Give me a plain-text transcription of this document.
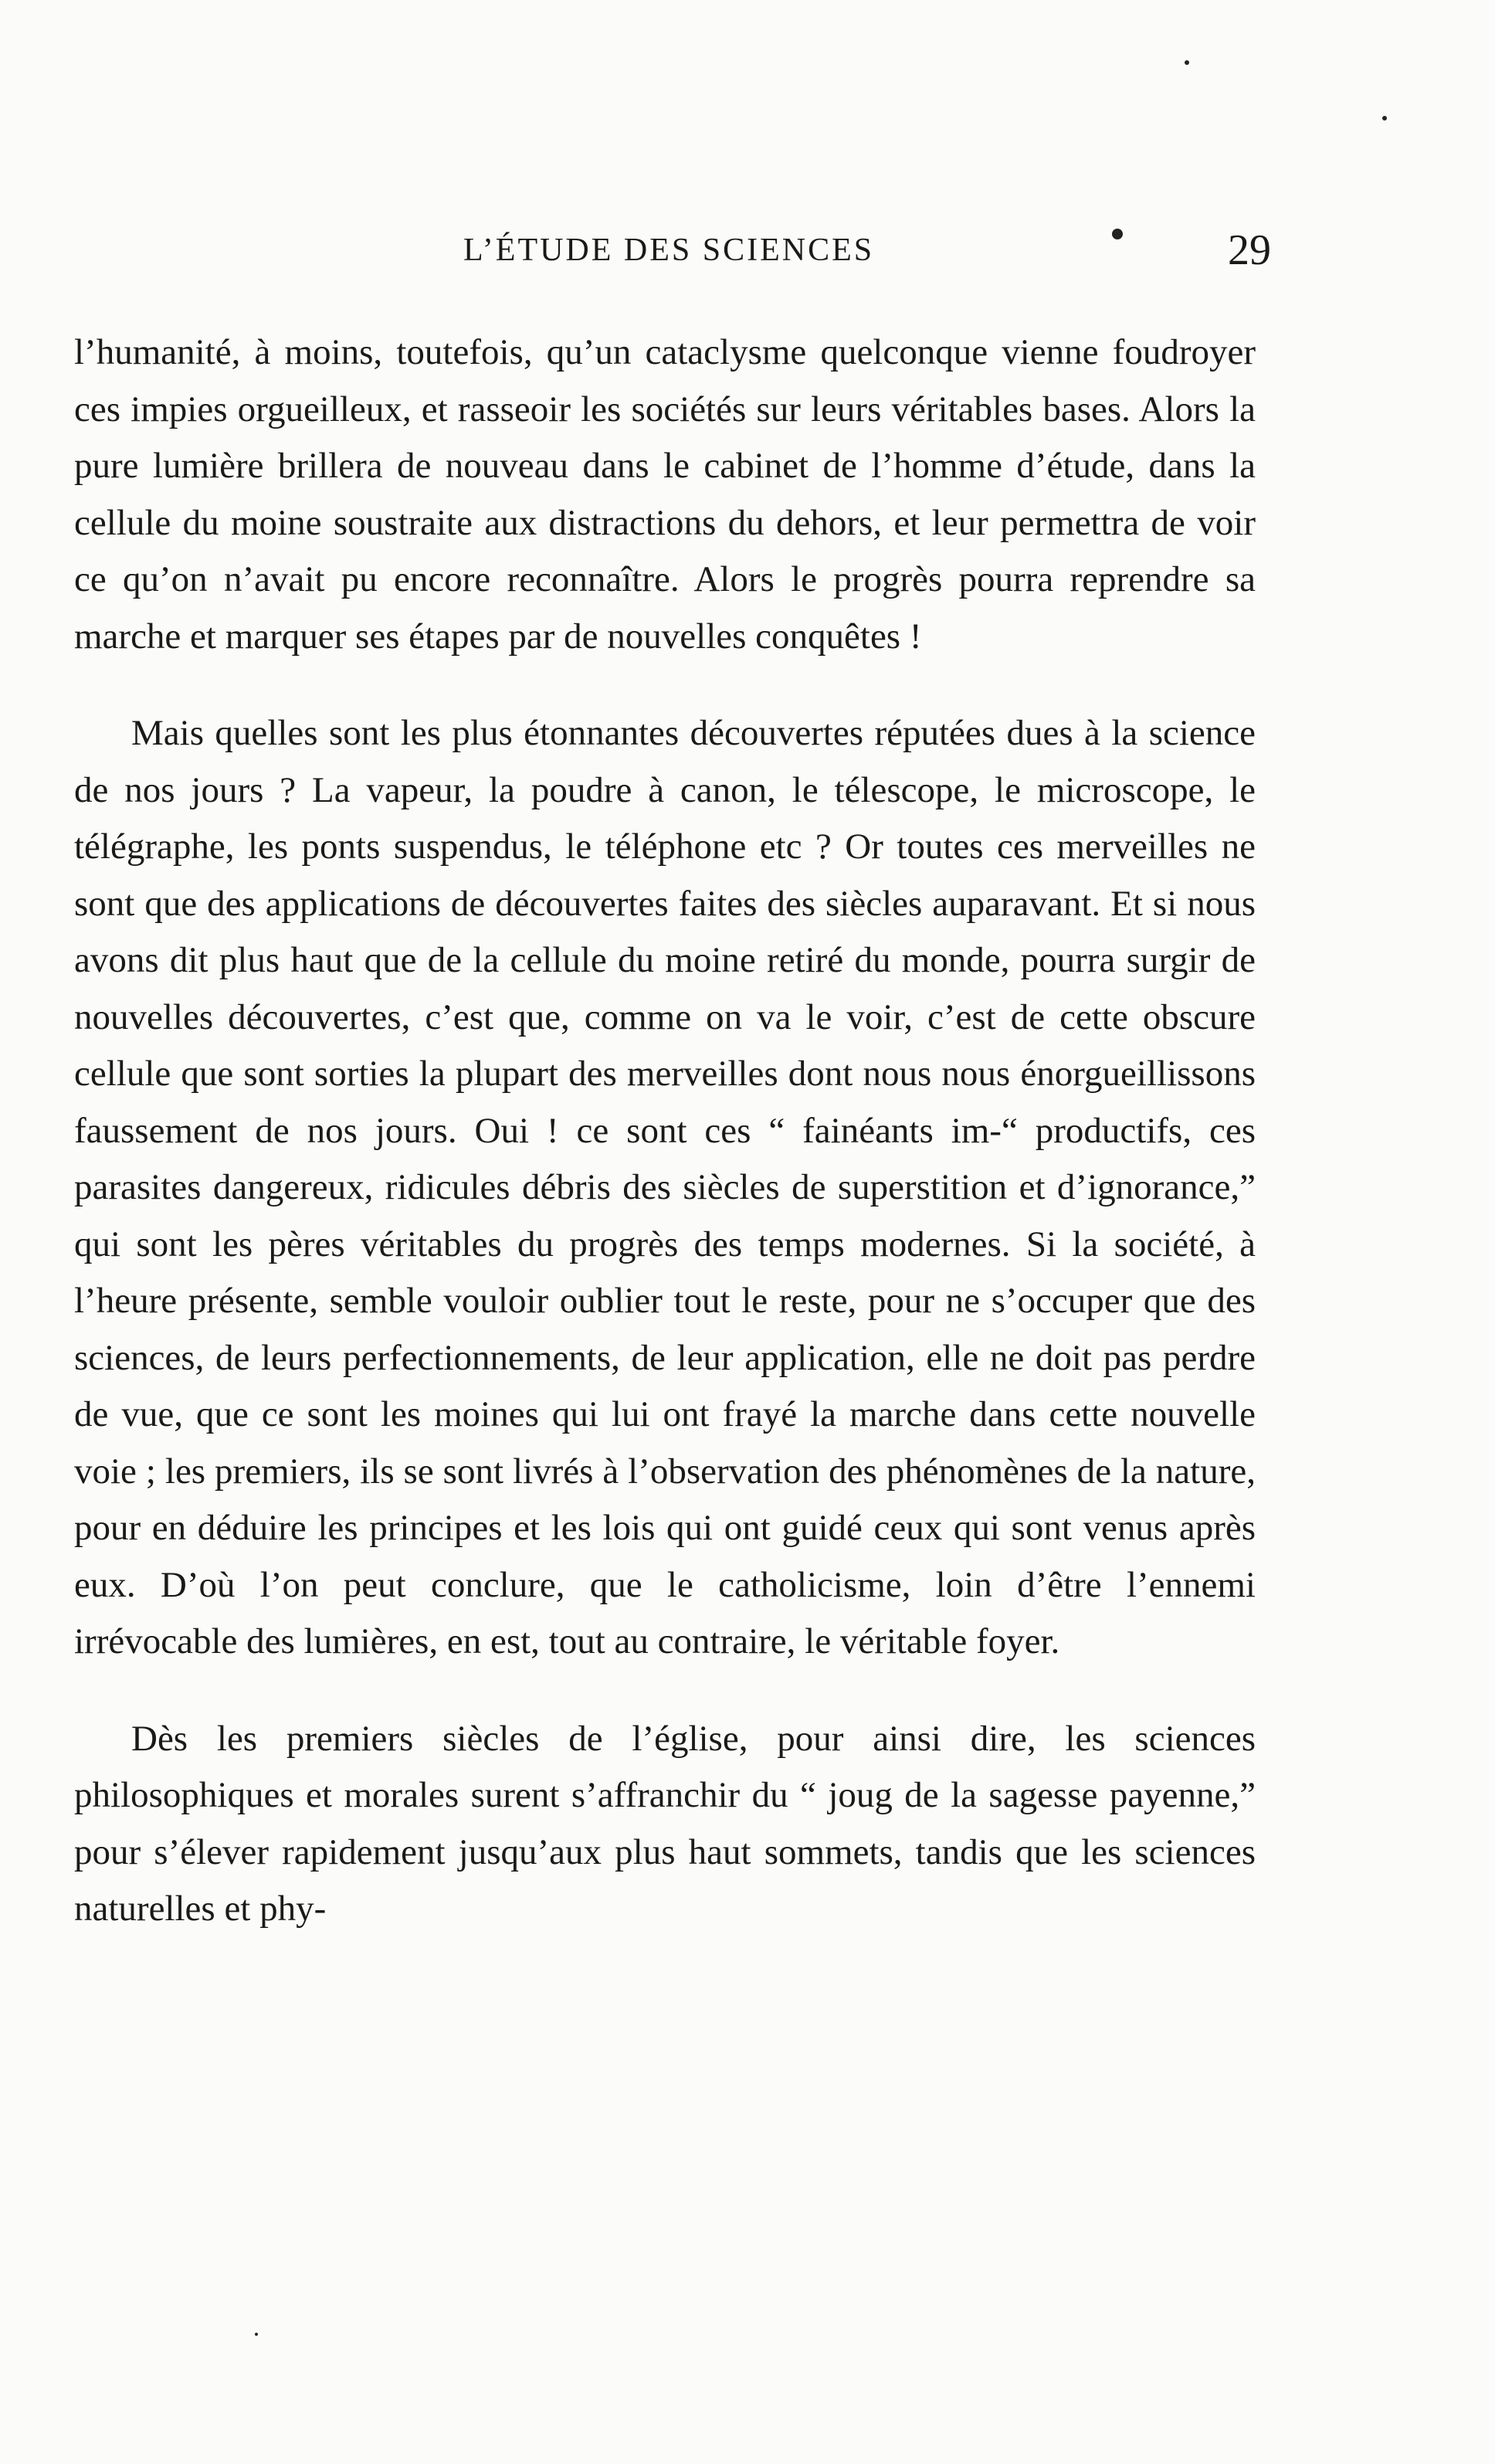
L’ÉTUDE DES SCIENCES	29

l’humanité, à moins, toutefois, qu’un cataclysme quelconque vienne foudroyer ces impies orgueilleux, et rasseoir les sociétés sur leurs véritables bases. Alors la pure lumière brillera de nouveau dans le cabinet de l’homme d’étude, dans la cellule du moine soustraite aux distractions du dehors, et leur permettra de voir ce qu’on n’avait pu encore reconnaître. Alors le progrès pourra reprendre sa marche et marquer ses étapes par de nouvelles conquêtes !

Mais quelles sont les plus étonnantes découvertes réputées dues à la science de nos jours ? La vapeur, la poudre à canon, le télescope, le microscope, le télégraphe, les ponts suspendus, le téléphone etc ? Or toutes ces merveilles ne sont que des applications de découvertes faites des siècles auparavant. Et si nous avons dit plus haut que de la cellule du moine retiré du monde, pourra surgir de nouvelles découvertes, c’est que, comme on va le voir, c’est de cette obscure cellule que sont sorties la plupart des merveilles dont nous nous énorgueillissons faussement de nos jours. Oui ! ce sont ces “ fainéants im-“ productifs, ces parasites dangereux, ridicules débris des siècles de superstition et d’ignorance,” qui sont les pères véritables du progrès des temps modernes. Si la société, à l’heure présente, semble vouloir oublier tout le reste, pour ne s’occuper que des sciences, de leurs perfectionnements, de leur application, elle ne doit pas perdre de vue, que ce sont les moines qui lui ont frayé la marche dans cette nouvelle voie ; les premiers, ils se sont livrés à l’observation des phénomènes de la nature, pour en déduire les principes et les lois qui ont guidé ceux qui sont venus après eux. D’où l’on peut conclure, que le catholicisme, loin d’être l’ennemi irrévocable des lumières, en est, tout au contraire, le véritable foyer.

Dès les premiers siècles de l’église, pour ainsi dire, les sciences philosophiques et morales surent s’affranchir du “ joug de la sagesse payenne,” pour s’élever rapidement jusqu’aux plus haut sommets, tandis que les sciences naturelles et phy-
